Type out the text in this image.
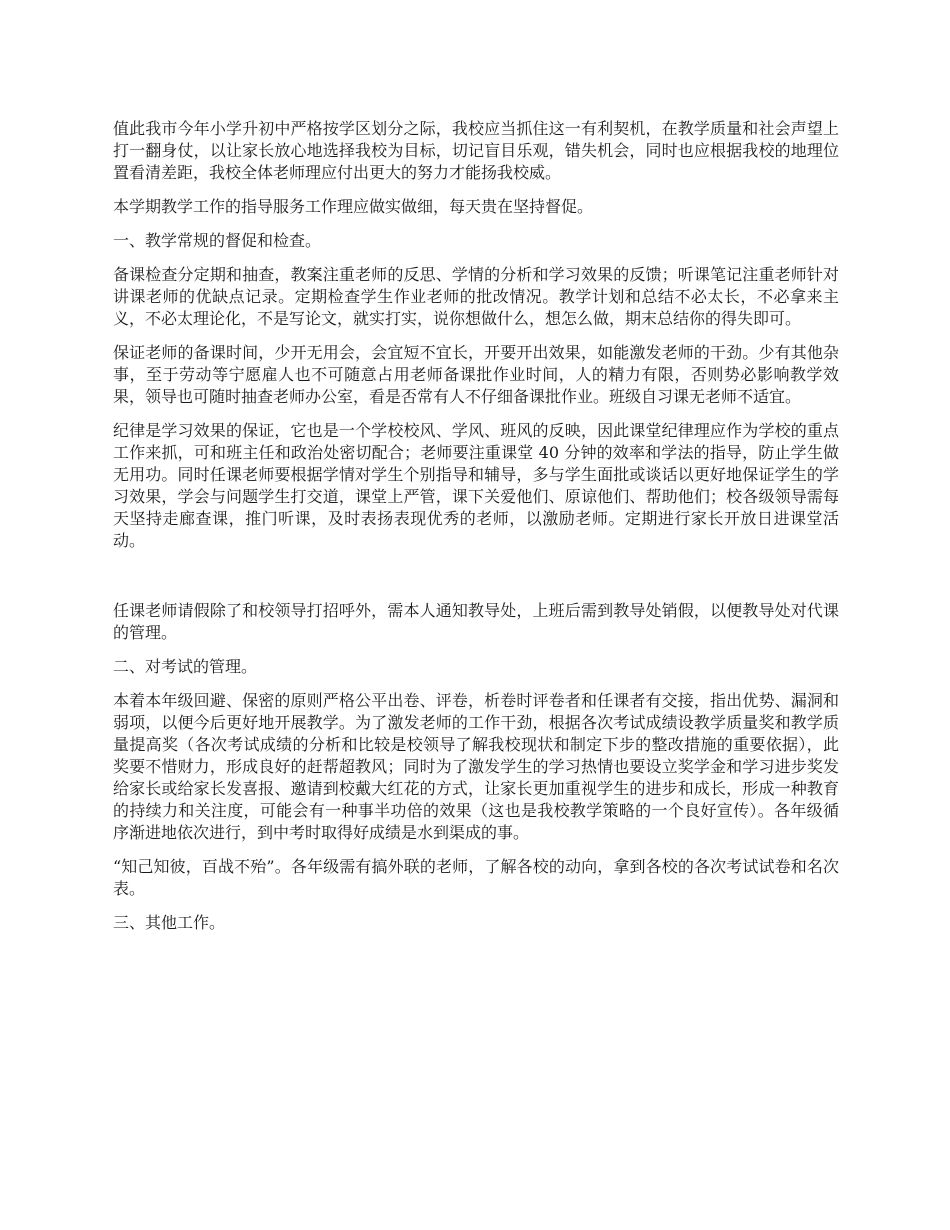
值此我市今年小学升初中严格按学区划分之际，我校应当抓住这一有利契机，在教学质量和社会声望上打一翻身仗，以让家长放心地选择我校为目标，切记盲目乐观，错失机会，同时也应根据我校的地理位置看清差距，我校全体老师理应付出更大的努力才能扬我校威。

本学期教学工作的指导服务工作理应做实做细，每天贵在坚持督促。

一、教学常规的督促和检查。

备课检查分定期和抽查，教案注重老师的反思、学情的分析和学习效果的反馈；听课笔记注重老师针对讲课老师的优缺点记录。定期检查学生作业老师的批改情况。教学计划和总结不必太长，不必拿来主义，不必太理论化，不是写论文，就实打实，说你想做什么，想怎么做，期末总结你的得失即可。

保证老师的备课时间，少开无用会，会宜短不宜长，开要开出效果，如能激发老师的干劲。少有其他杂事，至于劳动等宁愿雇人也不可随意占用老师备课批作业时间，人的精力有限，否则势必影响教学效果，领导也可随时抽查老师办公室，看是否常有人不仔细备课批作业。班级自习课无老师不适宜。

纪律是学习效果的保证，它也是一个学校校风、学风、班风的反映，因此课堂纪律理应作为学校的重点工作来抓，可和班主任和政治处密切配合；老师要注重课堂 40 分钟的效率和学法的指导，防止学生做无用功。同时任课老师要根据学情对学生个别指导和辅导，多与学生面批或谈话以更好地保证学生的学习效果，学会与问题学生打交道，课堂上严管，课下关爱他们、原谅他们、帮助他们；校各级领导需每天坚持走廊查课，推门听课，及时表扬表现优秀的老师，以激励老师。定期进行家长开放日进课堂活动。

任课老师请假除了和校领导打招呼外，需本人通知教导处，上班后需到教导处销假，以便教导处对代课的管理。

二、对考试的管理。

本着本年级回避、保密的原则严格公平出卷、评卷，析卷时评卷者和任课者有交接，指出优势、漏洞和弱项，以便今后更好地开展教学。为了激发老师的工作干劲，根据各次考试成绩设教学质量奖和教学质量提高奖（各次考试成绩的分析和比较是校领导了解我校现状和制定下步的整改措施的重要依据），此奖要不惜财力，形成良好的赶帮超教风；同时为了激发学生的学习热情也要设立奖学金和学习进步奖发给家长或给家长发喜报、邀请到校戴大红花的方式，让家长更加重视学生的进步和成长，形成一种教育的持续力和关注度，可能会有一种事半功倍的效果（这也是我校教学策略的一个良好宣传）。各年级循序渐进地依次进行，到中考时取得好成绩是水到渠成的事。

“知己知彼，百战不殆”。各年级需有搞外联的老师，了解各校的动向，拿到各校的各次考试试卷和名次表。

三、其他工作。
